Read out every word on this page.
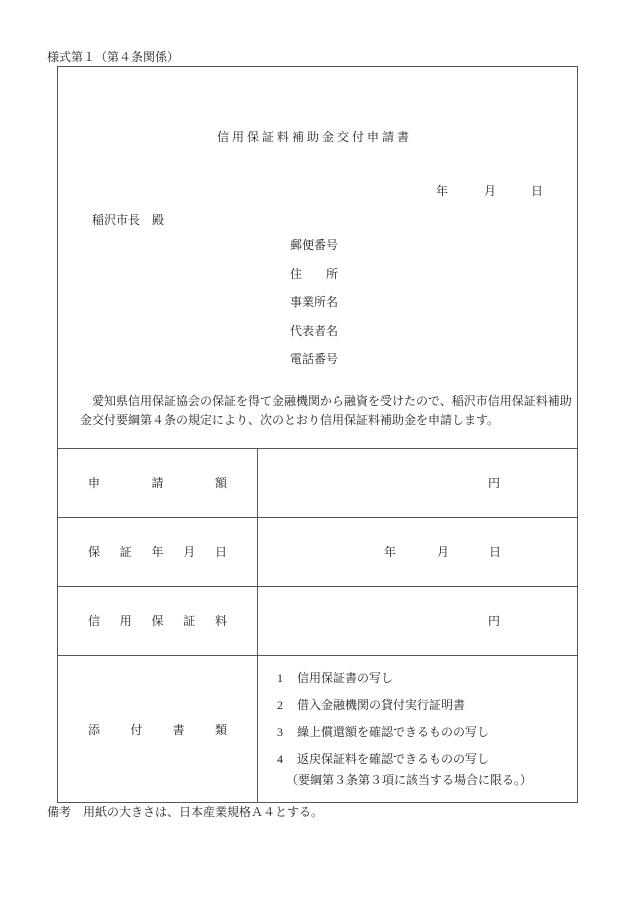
様式第１（第４条関係）
信 用 保 証 料 補 助 金 交 付 申 請 書
年	月	日
稲沢市長　殿
郵便番号
住　　所
事業所名
代表者名
電話番号
愛知県信用保証協会の保証を得て金融機関から融資を受けたので、稲沢市信用保証料補助
金交付要綱第４条の規定により、次のとおり信用保証料補助金を申請します。
申	請	額	円
保 証 年 月 日	年	月	日
信 用 保 証 料	円
添	付	書	類
1 信用保証書の写し
2 借入金融機関の貸付実行証明書
3 繰上償還額を確認できるものの写し
4 返戻保証料を確認できるものの写し
（要綱第３条第３項に該当する場合に限る。）
備考　用紙の大きさは、日本産業規格Ａ４とする。
